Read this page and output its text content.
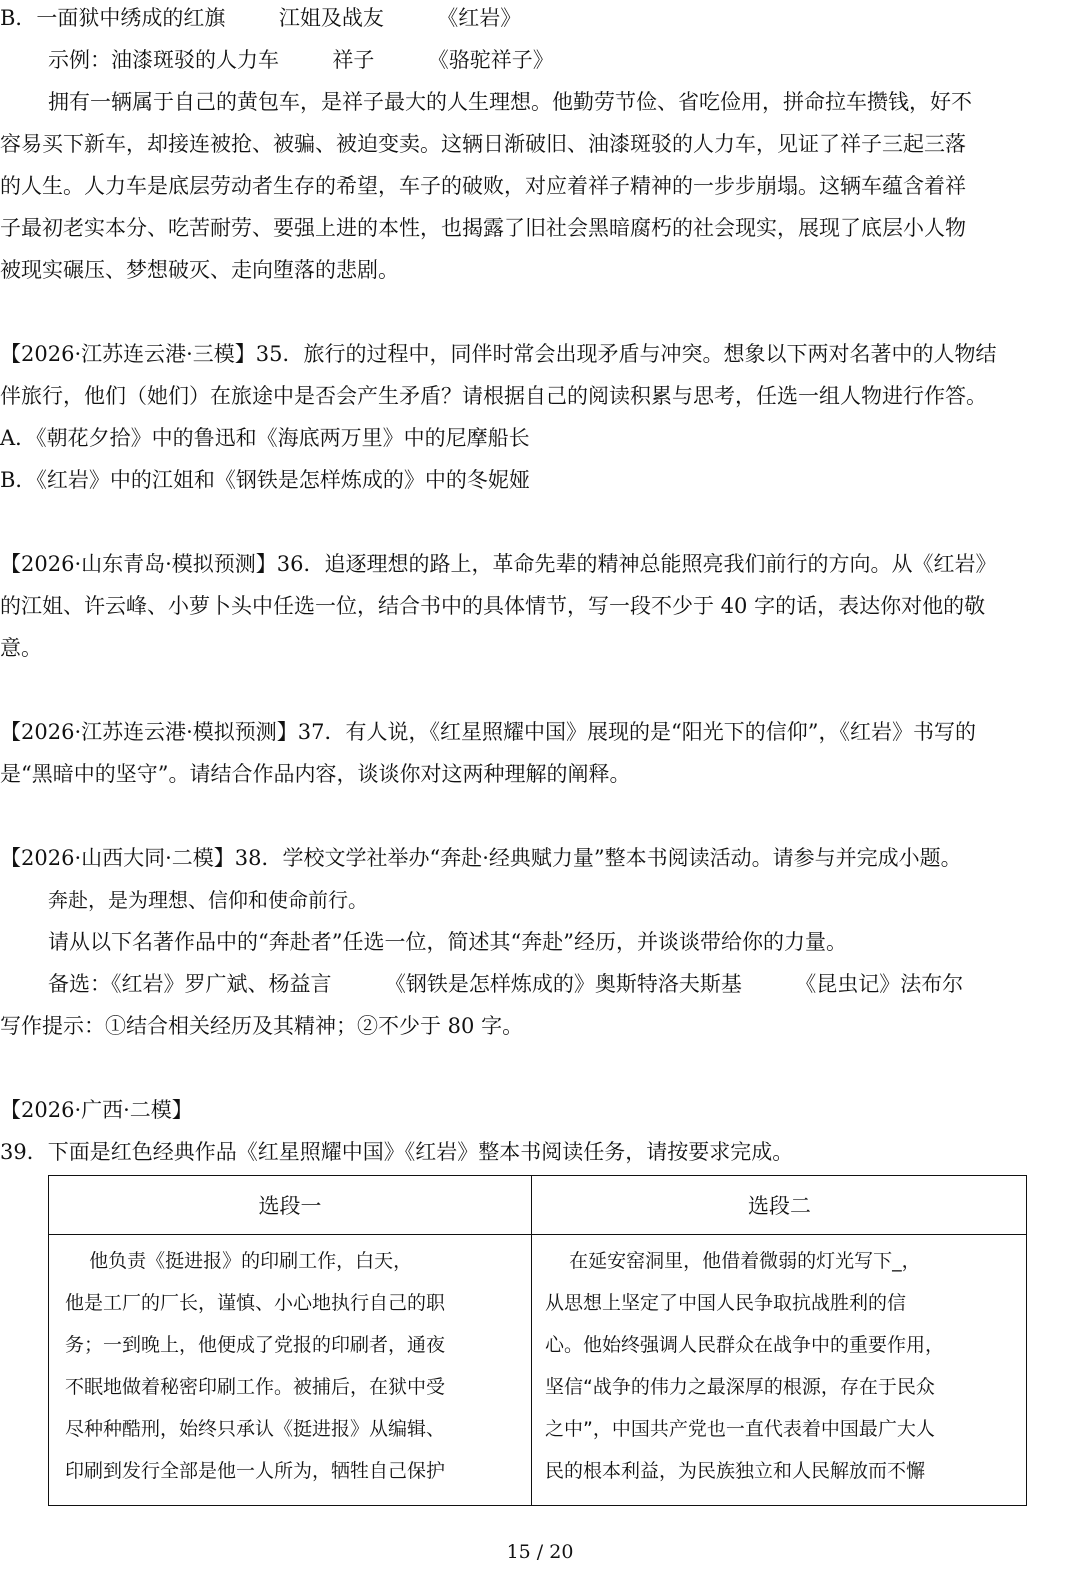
B．一面狱中绣成的红旗        江姐及战友        《红岩》
示例：油漆斑驳的人力车        祥子        《骆驼祥子》
拥有一辆属于自己的黄包车，是祥子最大的人生理想。他勤劳节俭、省吃俭用，拼命拉车攒钱，好不
容易买下新车，却接连被抢、被骗、被迫变卖。这辆日渐破旧、油漆斑驳的人力车，见证了祥子三起三落
的人生。人力车是底层劳动者生存的希望，车子的破败，对应着祥子精神的一步步崩塌。这辆车蕴含着祥
子最初老实本分、吃苦耐劳、要强上进的本性，也揭露了旧社会黑暗腐朽的社会现实，展现了底层小人物
被现实碾压、梦想破灭、走向堕落的悲剧。
【2026·江苏连云港·三模】35．旅行的过程中，同伴时常会出现矛盾与冲突。想象以下两对名著中的人物结
伴旅行，他们（她们）在旅途中是否会产生矛盾？请根据自己的阅读积累与思考，任选一组人物进行作答。
A．《朝花夕拾》中的鲁迅和《海底两万里》中的尼摩船长
B．《红岩》中的江姐和《钢铁是怎样炼成的》中的冬妮娅
【2026·山东青岛·模拟预测】36．追逐理想的路上，革命先辈的精神总能照亮我们前行的方向。从《红岩》
的江姐、许云峰、小萝卜头中任选一位，结合书中的具体情节，写一段不少于 40 字的话，表达你对他的敬
意。
【2026·江苏连云港·模拟预测】37．有人说，《红星照耀中国》展现的是“阳光下的信仰”，《红岩》书写的
是“黑暗中的坚守”。请结合作品内容，谈谈你对这两种理解的阐释。
【2026·山西大同·二模】38．学校文学社举办“奔赴·经典赋力量”整本书阅读活动。请参与并完成小题。
奔赴，是为理想、信仰和使命前行。
请从以下名著作品中的“奔赴者”任选一位，简述其“奔赴”经历，并谈谈带给你的力量。
备选：《红岩》罗广斌、杨益言        《钢铁是怎样炼成的》奥斯特洛夫斯基        《昆虫记》法布尔
写作提示：①结合相关经历及其精神；②不少于 80 字。
【2026·广西·二模】
39．下面是红色经典作品《红星照耀中国》《红岩》整本书阅读任务，请按要求完成。
选段一	选段二
他负责《挺进报》的印刷工作，白天，
他是工厂的厂长，谨慎、小心地执行自己的职
务；一到晚上，他便成了党报的印刷者，通夜
不眠地做着秘密印刷工作。被捕后，在狱中受
尽种种酷刑，始终只承认《挺进报》从编辑、
印刷到发行全部是他一人所为，牺牲自己保护
在延安窑洞里，他借着微弱的灯光写下_，
从思想上坚定了中国人民争取抗战胜利的信
心。他始终强调人民群众在战争中的重要作用，
坚信“战争的伟力之最深厚的根源，存在于民众
之中”，中国共产党也一直代表着中国最广大人
民的根本利益，为民族独立和人民解放而不懈
15 / 20
